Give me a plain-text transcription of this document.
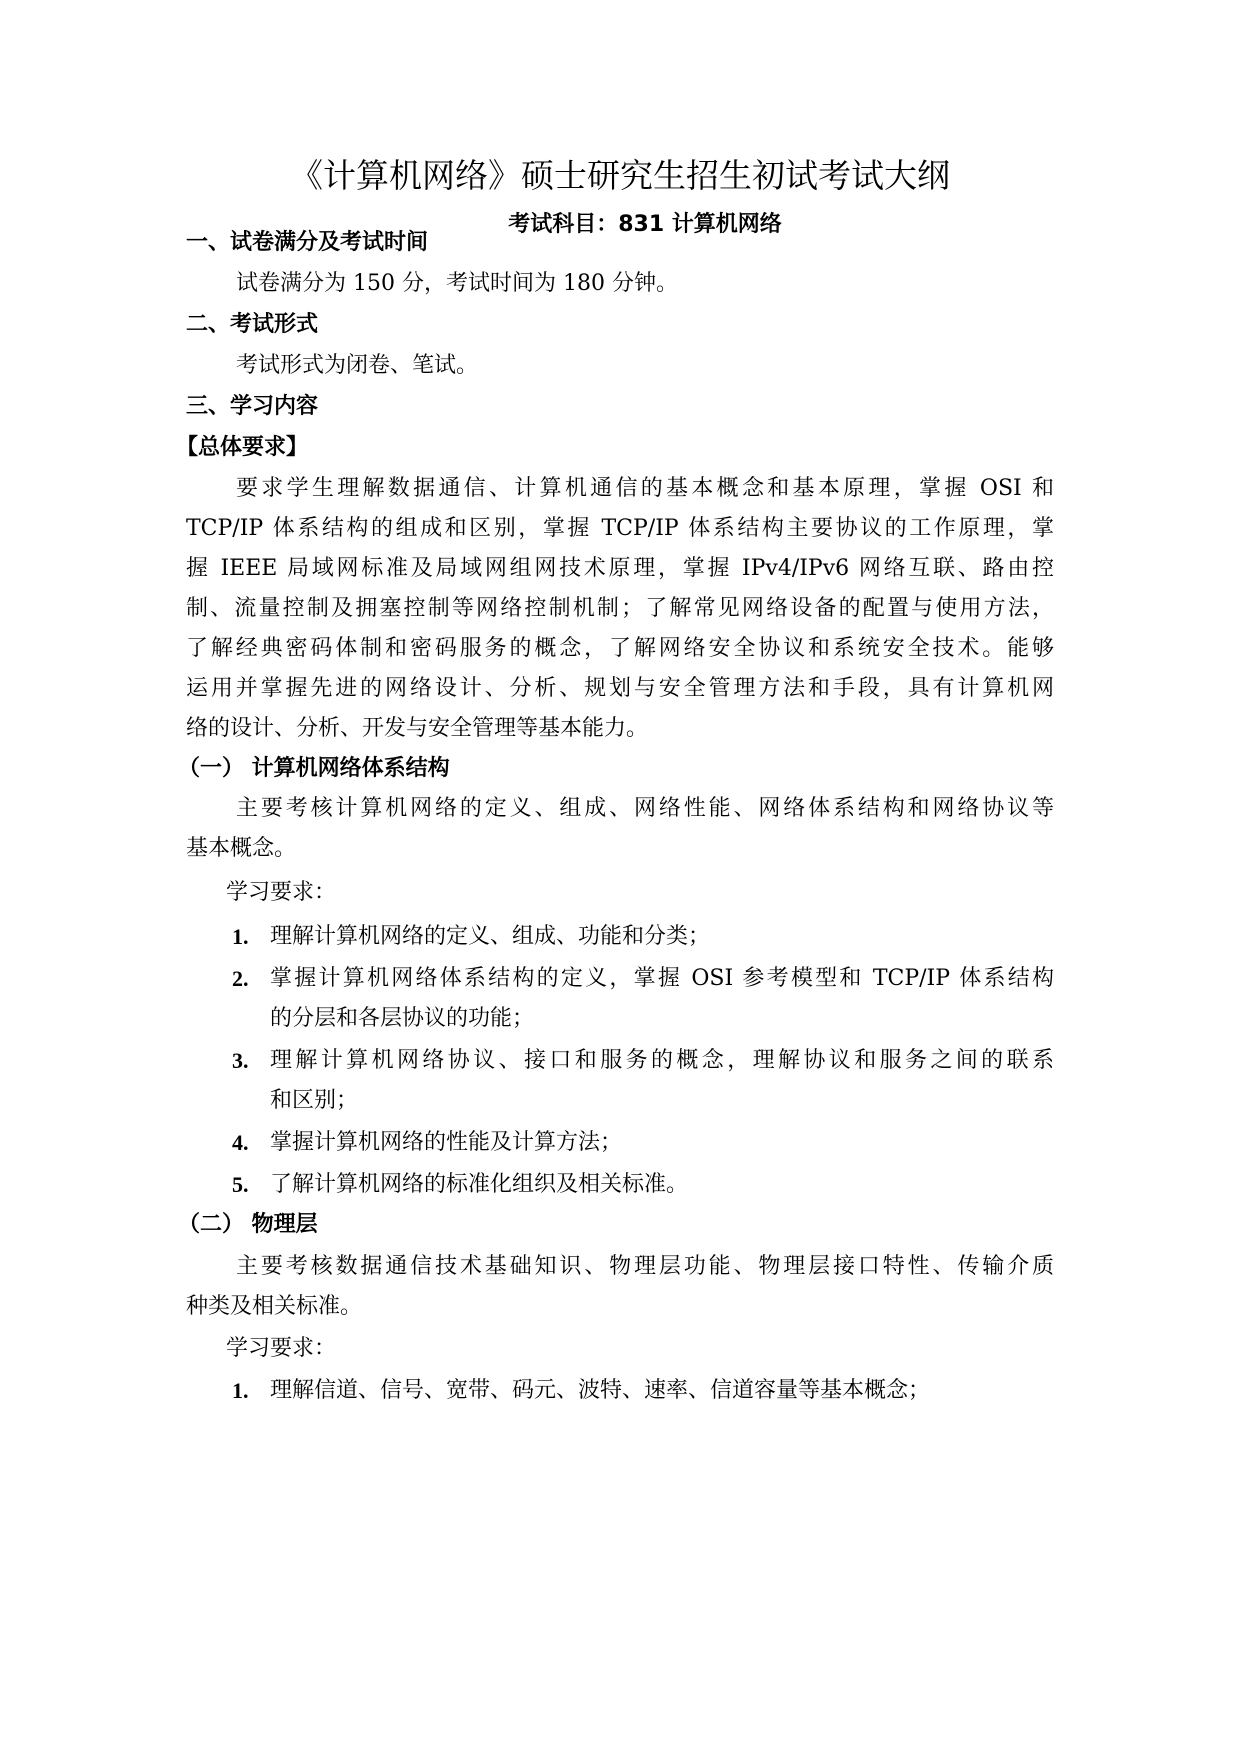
《计算机网络》硕士研究生招生初试考试大纲
考试科目：831 计算机网络
一、试卷满分及考试时间
试卷满分为 150 分，考试时间为 180 分钟。
二、考试形式
考试形式为闭卷、笔试。
三、学习内容
【总体要求】
要求学生理解数据通信、计算机通信的基本概念和基本原理，掌握 OSI 和
TCP/IP 体系结构的组成和区别，掌握 TCP/IP 体系结构主要协议的工作原理，掌
握 IEEE 局域网标准及局域网组网技术原理，掌握 IPv4/IPv6 网络互联、路由控
制、流量控制及拥塞控制等网络控制机制；了解常见网络设备的配置与使用方法，
了解经典密码体制和密码服务的概念，了解网络安全协议和系统安全技术。能够
运用并掌握先进的网络设计、分析、规划与安全管理方法和手段，具有计算机网
络的设计、分析、开发与安全管理等基本能力。
（一） 计算机网络体系结构
主要考核计算机网络的定义、组成、网络性能、网络体系结构和网络协议等
基本概念。
学习要求：
1. 理解计算机网络的定义、组成、功能和分类；
2. 掌握计算机网络体系结构的定义，掌握 OSI 参考模型和 TCP/IP 体系结构
的分层和各层协议的功能；
3. 理解计算机网络协议、接口和服务的概念，理解协议和服务之间的联系
和区别；
4. 掌握计算机网络的性能及计算方法；
5. 了解计算机网络的标准化组织及相关标准。
（二） 物理层
主要考核数据通信技术基础知识、物理层功能、物理层接口特性、传输介质
种类及相关标准。
学习要求：
1. 理解信道、信号、宽带、码元、波特、速率、信道容量等基本概念；
